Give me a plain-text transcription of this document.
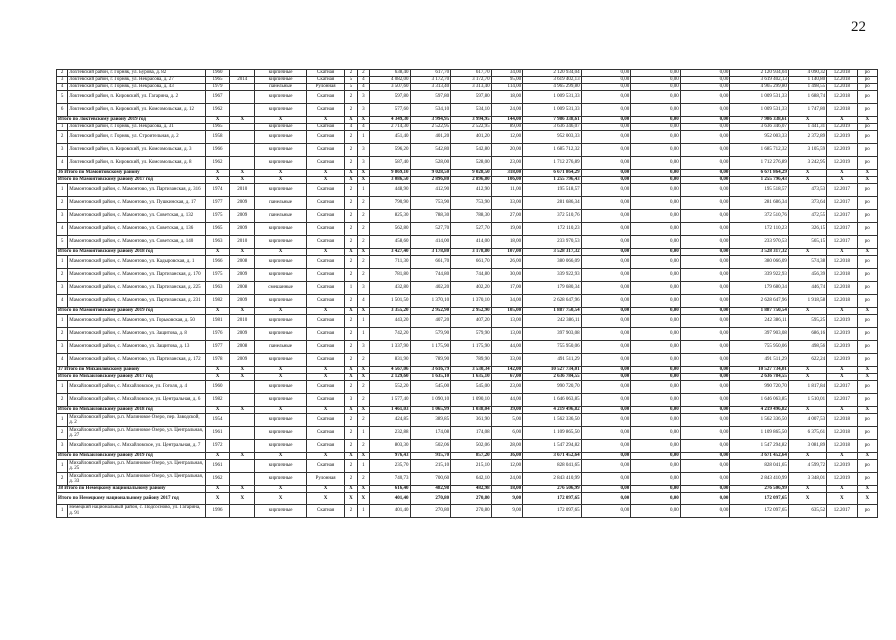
22
2	Лохтевский район, г. Горняк, ул. Бурова, д. 82	1960		кирпичные	Скатная	2	2	638,40	617,70	617,70	34,00	2 120 934,04	0,00	0,00	0,00	2 120 934,04	4 090,32	12.2018	ро
3	Локтевский район, г. Горняк, ул. Некрасова, д. 27	1965	2014	кирпичные	Скатная	5	4	4 082,00	3 172,70	3 172,70	95,00	3 619 402,13	0,00	0,00	0,00	3 619 402,13	1 140,80	12.2018	ро
4	Локтевский район, г. Горняк, ул. Некрасова, д. 43	1979		панельные	Рулонная	5	4	3 507,60	3 313,40	3 313,40	114,00	4 965 299,80	0,00	0,00	0,00	4 965 299,80	1 498,55	12.2018	ро
5	Локтевский район, п. Кировский, ул. Гагарина, д. 2	1967		кирпичные	Скатная	2	3	597,80	597,80	597,80	18,00	1 009 531,33	0,00	0,00	0,00	1 009 531,33	1 688,74	12.2018	ро
6	Локтевский район, п. Кировский, ул. Комсомольская, д. 12	1962		кирпичные	Скатная	2	3	577,60	534,10	534,10	24,00	1 009 531,33	0,00	0,00	0,00	1 009 531,33	1 747,80	12.2018	ро
Итого по Локтевскому району 2019 год		X	X	X	X	X	X	4 349,30	3 994,95	3 994,95	144,00	7 986 338,61	0,00	0,00	0,00	7 986 338,61	X	X	X
1	Локтевский район, г. Горняк, ул. Некрасова, д. 31	1965		кирпичные	Скатная	4	4	2 714,30	2 522,95	2 522,95	89,00	3 636 346,07	0,00	0,00	0,00	3 636 346,07	1 441,31	12.2019	ро
2	Локтевский район, г. Горняк, ул. Строительная, д. 2	1958		кирпичные	Скатная	2	1	451,40	401,20	401,20	12,00	952 003,33	0,00	0,00	0,00	952 003,33	2 372,89	12.2019	ро
3	Локтевский район, п. Кировский, ул. Комсомольская, д. 3	1966		кирпичные	Скатная	2	3	596,20	542,80	542,80	20,00	1 685 712,32	0,00	0,00	0,00	1 685 712,32	3 105,59	12.2019	ро
4	Локтевский район, п. Кировский, ул. Комсомольская, д. 8	1962		кирпичные	Скатная	2	3	587,40	528,00	528,00	23,00	1 712 276,89	0,00	0,00	0,00	1 712 276,89	3 242,95	12.2019	ро
36 Итого по Мамонтовскому району		X	X	X	X	X	X	9 869,10	9 028,50	9 028,50	318,00	6 671 864,29	0,00	0,00	0,00	6 671 864,29	X	X	X
Итого по Мамонтовскому району 2017 год		X	X	X	X	X	X	3 086,50	2 896,80	2 896,80	106,00	1 255 796,43	0,00	0,00	0,00	1 255 796,43	X	X	X
1	Мамонтовский район, с. Мамонтово, ул. Партизанская, д. 316	1974	2010	кирпичные	Скатная	2	1	448,90	412,90	412,90	11,00	195 518,57	0,00	0,00	0,00	195 518,57	473,53	12.2017	ро
2	Мамонтовский район, с. Мамонтово, ул. Пушкинская, д. 17	1977	2009	панельные	Скатная	2	2	790,90	753,90	753,90	33,00	281 686,34	0,00	0,00	0,00	281 686,34	373,64	12.2017	ро
3	Мамонтовский район, с. Мамонтово, ул. Советская, д. 132	1975	2009	панельные	Скатная	2	2	825,30	788,30	788,30	27,00	372 510,76	0,00	0,00	0,00	372 510,76	472,55	12.2017	ро
4	Мамонтовский район, с. Мамонтово, ул. Советская, д. 136	1965	2009	кирпичные	Скатная	2	2	562,80	527,70	527,70	19,00	172 110,23	0,00	0,00	0,00	172 110,23	326,15	12.2017	ро
5	Мамонтовский район, с. Мамонтово, ул. Советская, д. 140	1963	2010	кирпичные	Скатная	2	2	458,60	414,00	414,00	18,00	233 970,53	0,00	0,00	0,00	233 970,53	565,15	12.2017	ро
Итого по Мамонтовскому району 2018 год		X	X	X	X	X	X	3 427,40	3 178,80	3 178,80	107,00	3 528 317,32	0,00	0,00	0,00	3 528 317,32	X	X	X
1	Мамонтовский район, с. Мамонтово, ул. Кадыровская, д. 1	1966	2008	кирпичные	Скатная	2	2	711,30	661,70	661,70	26,00	380 066,09	0,00	0,00	0,00	380 066,09	574,38	12.2018	ро
2	Мамонтовский район, с. Мамонтово, ул. Партизанская, д. 170	1975	2009	кирпичные	Скатная	2	2	781,80	744,80	744,80	30,00	339 922,93	0,00	0,00	0,00	339 922,93	456,39	12.2018	ро
3	Мамонтовский район, с. Мамонтово, ул. Партизанская, д. 225	1963	2008	смешанные	Скатная	1	3	432,80	402,20	402,20	17,00	179 680,34	0,00	0,00	0,00	179 680,34	446,74	12.2018	ро
4	Мамонтовский район, с. Мамонтово, ул. Партизанская, д. 231	1982	2009	кирпичные	Скатная	2	4	1 501,50	1 370,10	1 370,10	34,00	2 628 647,96	0,00	0,00	0,00	2 628 647,96	1 918,58	12.2018	ро
Итого по Мамонтовскому району 2019 год		X	X	X	X	X	X	3 355,20	2 952,90	2 952,90	105,00	1 887 750,54	0,00	0,00	0,00	1 887 750,54	X	X	X
1	Мамонтовский район, с. Мамонтово, ул. Горьковская, д. 50	1981	2010	кирпичные	Скатная	2	1	443,20	407,20	407,20	13,00	242 386,11	0,00	0,00	0,00	242 386,11	595,25	12.2019	ро
2	Мамонтовский район, с. Мамонтово, ул. Защитова, д. 8	1976	2009	кирпичные	Скатная	2	1	742,20	579,90	579,90	13,00	397 903,08	0,00	0,00	0,00	397 903,08	686,16	12.2019	ро
3	Мамонтовский район, с. Мамонтово, ул. Защитова, д. 13	1977	2008	панельные	Скатная	2	3	1 337,90	1 175,90	1 175,90	44,00	755 950,06	0,00	0,00	0,00	755 950,06	498,56	12.2019	ро
4	Мамонтовский район, с. Мамонтово, ул. Партизанская, д. 172	1978	2009	кирпичные	Скатная	2	2	831,90	789,90	789,90	33,00	491 511,29	0,00	0,00	0,00	491 511,29	622,24	12.2019	ро
37 Итого по Михайловскому району		X	X	X	X	X	X	4 567,06	3 616,79	3 530,34	142,00	10 527 734,01	0,00	0,00	0,00	10 527 734,01	X	X	X
Итого по Михайловскому району 2017 год		X	X	X	X	X	X	2 129,60	1 635,10	1 635,10	67,00	2 636 784,55	0,00	0,00	0,00	2 636 784,55	X	X	X
1	Михайловский район, с. Михайловское, ул. Гоголя, д. 4	1960		кирпичные	Скатная	2	2	552,20	545,00	545,00	23,00	990 720,70	0,00	0,00	0,00	990 720,70	1 817,84	12.2017	ро
2	Михайловский район, с. Михайловское, ул. Центральная, д. 6	1982		кирпичные	Скатная	3	2	1 577,40	1 090,10	1 090,10	44,00	1 646 063,85	0,00	0,00	0,00	1 646 063,85	1 510,01	12.2017	ро
Итого по Михайловскому району 2018 год		X	X	X	X	X	X	1 461,03	1 065,99	1 038,04	39,00	4 219 496,82	0,00	0,00	0,00	4 219 496,82	X	X	X
1	Михайловский район, р.п. Малиновое Озеро, пер. Заводской, д. 2	1954		кирпичные	Скатная	2	2	424,85	389,85	361,90	5,00	1 562 336,50	0,00	0,00	0,00	1 562 336,50	4 007,53	12.2018	ро
2	Михайловский район, р.п. Малиновое Озеро, ул. Центральная, д. 27	1961		кирпичные	Скатная	2	1	232,88	174,08	174,08	6,00	1 109 865,50	0,00	0,00	0,00	1 109 865,50	6 375,61	12.2018	ро
3	Михайловский район, с. Михайловское, ул. Центральная, д. 7	1972		кирпичные	Скатная	2	2	803,30	502,06	502,06	28,00	1 547 294,82	0,00	0,00	0,00	1 547 294,82	3 081,89	12.2018	ро
Итого по Михайловскому району 2019 год		X	X	X	X	X	X	976,43	915,70	857,20	36,00	3 671 452,64	0,00	0,00	0,00	3 671 452,64	X	X	X
1	Михайловский район, р.п. Малиновое Озеро, ул. Центральная, д. 25	1961		кирпичные	Скатная	2	1	235,70	215,10	215,10	12,00	828 041,65	0,00	0,00	0,00	828 041,65	4 599,72	12.2019	ро
2	Михайловский район, р.п. Малиновое Озеро, ул. Центральная, д. 33	1962		кирпичные	Рулонная	2	2	740,73	700,60	642,10	24,00	2 843 410,99	0,00	0,00	0,00	2 843 410,99	3 348,01	12.2019	ро
38 Итого по Немецкому национальному району		X	X	X	X	X	X	616,40	482,98	482,98	18,00	276 506,99	0,00	0,00	0,00	276 506,99	X	X	X
Итого по Немецкому национальному району 2017 год		X	X	X	X	X	X	401,40	270,80	270,80	9,00	172 097,65	0,00	0,00	0,00	172 097,65	X	X	X
1	Немецкий национальный район, с. Подсосново, ул. Гагарина, д. 91	1996		кирпичные	Скатная	2	1	401,40	270,80	270,80	9,00	172 097,65	0,00	0,00	0,00	172 097,65	635,52	12.2017	ро
